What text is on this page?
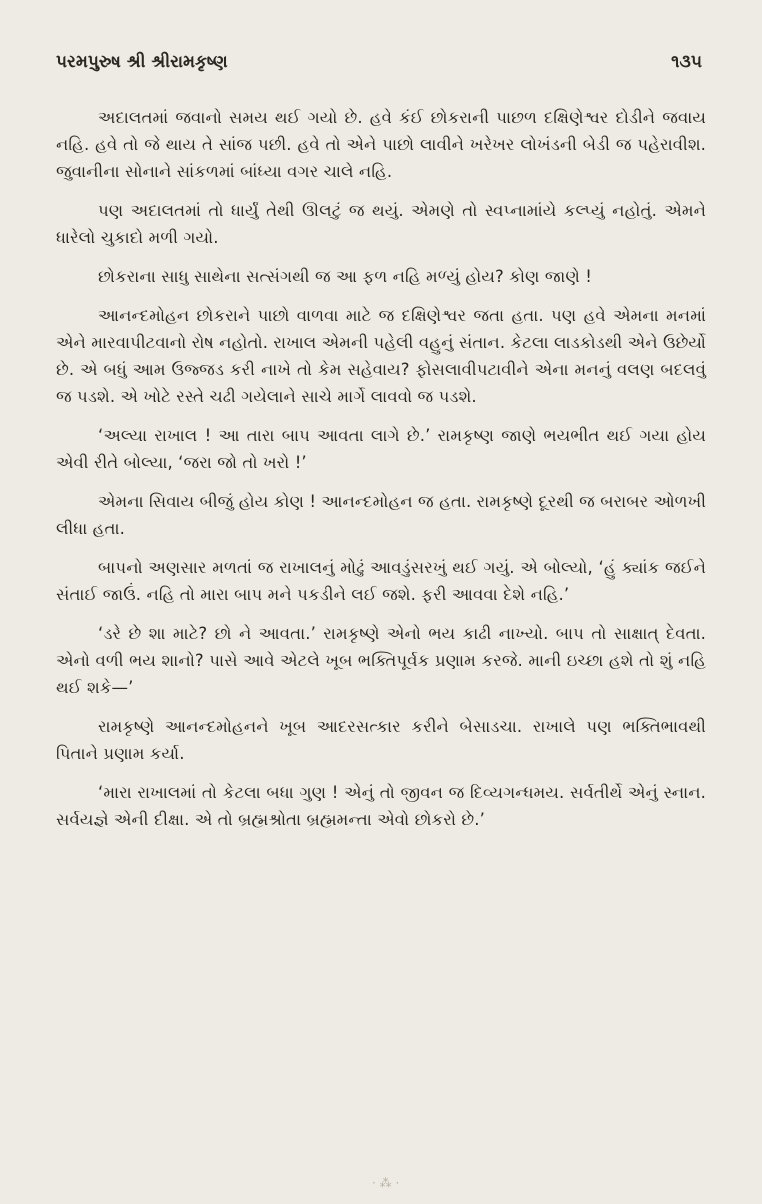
પરમપુરુષ શ્રી શ્રીરામકૃષ્ણ	૧૩૫

અદાલતમાં જવાનો સમય થઈ ગયો છે. હવે કંઈ છોકરાની પાછળ દક્ષિણેશ્વર દોડીને જવાય નહિ. હવે તો જે થાય તે સાંજ પછી. હવે તો એને પાછો લાવીને ખરેખર લોખંડની બેડી જ પહેરાવીશ. જુવાનીના સોનાને સાંકળમાં બાંધ્યા વગર ચાલે નહિ.

પણ અદાલતમાં તો ધાર્યું તેથી ઊલટું જ થયું. એમણે તો સ્વપ્નામાંયે કલ્પ્યું નહોતું. એમને ધારેલો ચુકાદો મળી ગયો.

છોકરાના સાધુ સાથેના સત્સંગથી જ આ ફળ નહિ મળ્યું હોય? કોણ જાણે !

આનન્દમોહન છોકરાને પાછો વાળવા માટે જ દક્ષિણેશ્વર જતા હતા. પણ હવે એમના મનમાં એને મારવાપીટવાનો રોષ નહોતો. રાખાલ એમની પહેલી વહુનું સંતાન. કેટલા લાડકોડથી એને ઉછેર્યો છે. એ બધું આમ ઉજ્જડ કરી નાખે તો કેમ સહેવાય? ફોસલાવીપટાવીને એના મનનું વલણ બદલવું જ પડશે. એ ખોટે રસ્તે ચઢી ગયેલાને સાચે માર્ગે લાવવો જ પડશે.

‘અલ્યા રાખાલ ! આ તારા બાપ આવતા લાગે છે.’ રામકૃષ્ણ જાણે ભયભીત થઈ ગયા હોય એવી રીતે બોલ્યા, ‘જરા જો તો ખરો !’

એમના સિવાય બીજું હોય કોણ ! આનન્દમોહન જ હતા. રામકૃષ્ણે દૂરથી જ બરાબર ઓળખી લીધા હતા.

બાપનો અણસાર મળતાં જ રાખાલનું મોઢું આવડુંસરખું થઈ ગયું. એ બોલ્યો, ‘હું ક્યાંક જઈને સંતાઈ જાઉં. નહિ તો મારા બાપ મને પકડીને લઈ જશે. ફરી આવવા દેશે નહિ.’

‘ડરે છે શા માટે? છો ને આવતા.’ રામકૃષ્ણે એનો ભય કાઢી નાખ્યો. બાપ તો સાક્ષાત્ દેવતા. એનો વળી ભય શાનો? પાસે આવે એટલે ખૂબ ભક્તિપૂર્વક પ્રણામ કરજે. માની ઇચ્છા હશે તો શું નહિ થઈ શકે—’

રામકૃષ્ણે આનન્દમોહનને ખૂબ આદરસત્કાર કરીને બેસાડચા. રાખાલે પણ ભક્તિભાવથી પિતાને પ્રણામ કર્યા.

‘મારા રાખાલમાં તો કેટલા બધા ગુણ ! એનું તો જીવન જ દિવ્યગન્ધમય. સર્વતીર્થે એનું સ્નાન. સર્વયજ્ઞે એની દીક્ષા. એ તો બ્રહ્મશ્રોતા બ્રહ્મમન્તા એવો છોકરો છે.’

· ⁂ ·
